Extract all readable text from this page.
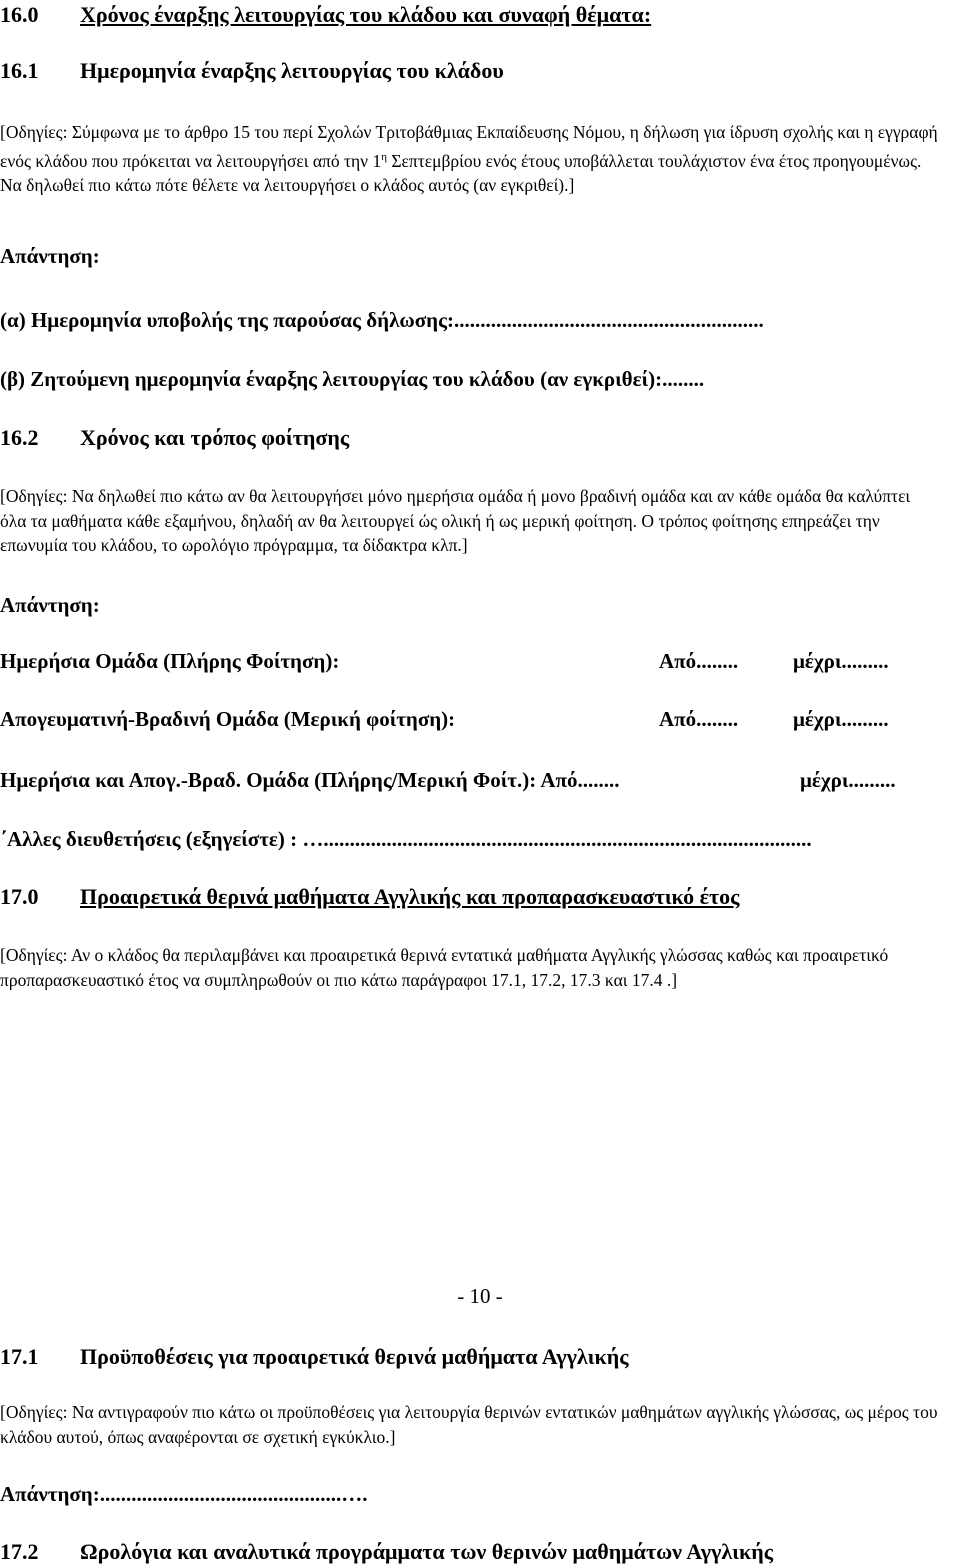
16.0 Χρόνος έναρξης λειτουργίας του κλάδου και συναφή θέματα:
16.1 Ημερομηνία έναρξης λειτουργίας του κλάδου
[Οδηγίες: Σύμφωνα με το άρθρο 15 του περί Σχολών Τριτοβάθμιας Εκπαίδευσης Νόμου, η δήλωση για ίδρυση σχολής και η εγγραφή ενός κλάδου που πρόκειται να λειτουργήσει από την $1^\eta$ Σεπτεμβρίου ενός έτους υποβάλλεται τουλάχιστον ένα έτος προηγουμένως. Να δηλωθεί πιο κάτω πότε θέλετε να λειτουργήσει ο κλάδος αυτός (αν εγκριθεί).]
Απάντηση:
(α) Ημερομηνία υποβολής της παρούσας δήλωσης:...........................................................
(β) Ζητούμενη ημερομηνία έναρξης λειτουργίας του κλάδου (αν εγκριθεί):........
16.2 Χρόνος και τρόπος φοίτησης
[Οδηγίες: Να δηλωθεί πιο κάτω αν θα λειτουργήσει μόνο ημερήσια ομάδα ή μονο βραδινή ομάδα και αν κάθε ομάδα θα καλύπτει όλα τα μαθήματα κάθε εξαμήνου, δηλαδή αν θα λειτουργεί ώς ολική ή ως μερική φοίτηση. Ο τρόπος φοίτησης επηρεάζει την επωνυμία του κλάδου, το ωρολόγιο πρόγραμμα, τα δίδακτρα κλπ.]
Απάντηση:
Ημερήσια Ομάδα (Πλήρης Φοίτηση):	Από........	μέχρι.........
Απογευματινή-Βραδινή Ομάδα (Μερική φοίτηση):	Από........	μέχρι.........
Ημερήσια και Απογ.-Βραδ. Ομάδα (Πλήρης/Μερική Φοίτ.): Από........	μέχρι.........
΄Αλλες διευθετήσεις (εξηγείστε) : ….............................................................................................
17.0 Προαιρετικά θερινά μαθήματα Αγγλικής και προπαρασκευαστικό έτος
[Οδηγίες: Αν ο κλάδος θα περιλαμβάνει και προαιρετικά θερινά εντατικά μαθήματα Αγγλικής γλώσσας καθώς και προαιρετικό προπαρασκευαστικό έτος να συμπληρωθούν οι πιο κάτω παράγραφοι 17.1, 17.2, 17.3 και 17.4 .]
- 10 -
17.1 Προϋποθέσεις για προαιρετικά θερινά μαθήματα Αγγλικής
[Οδηγίες: Να αντιγραφούν πιο κάτω οι προϋποθέσεις για λειτουργία θερινών εντατικών μαθημάτων αγγλικής γλώσσας, ως μέρος του κλάδου αυτού, όπως αναφέρονται σε σχετική εγκύκλιο.]
Απάντηση:..............................................….
17.2 Ωρολόγια και αναλυτικά προγράμματα των θερινών μαθημάτων Αγγλικής
